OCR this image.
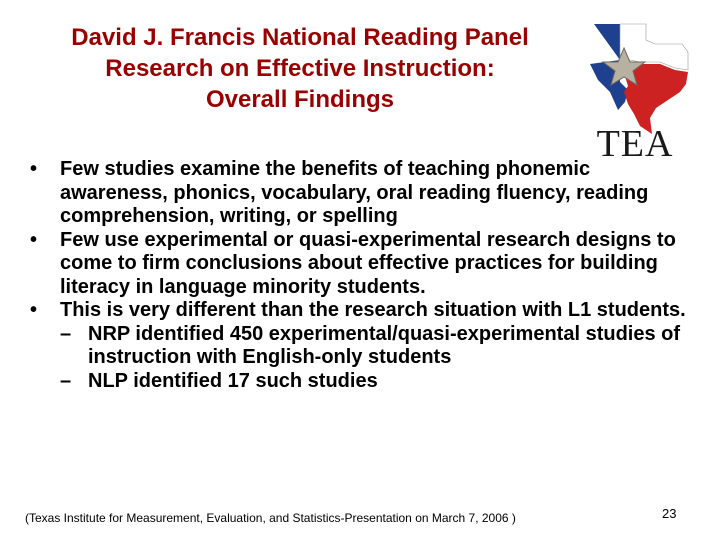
David J. Francis National Reading Panel
Research on Effective Instruction:
Overall Findings
TEA
•	Few studies examine the benefits of teaching phonemic awareness, phonics, vocabulary, oral reading fluency, reading comprehension, writing, or spelling
•	Few use experimental or quasi-experimental research designs to come to firm conclusions about effective practices for building literacy in language minority students.
•	This is very different than the research situation with L1 students.
– NRP identified 450 experimental/quasi-experimental studies of instruction with English-only students
– NLP identified 17 such studies
(Texas Institute for Measurement, Evaluation, and Statistics-Presentation on March 7, 2006 )	23
